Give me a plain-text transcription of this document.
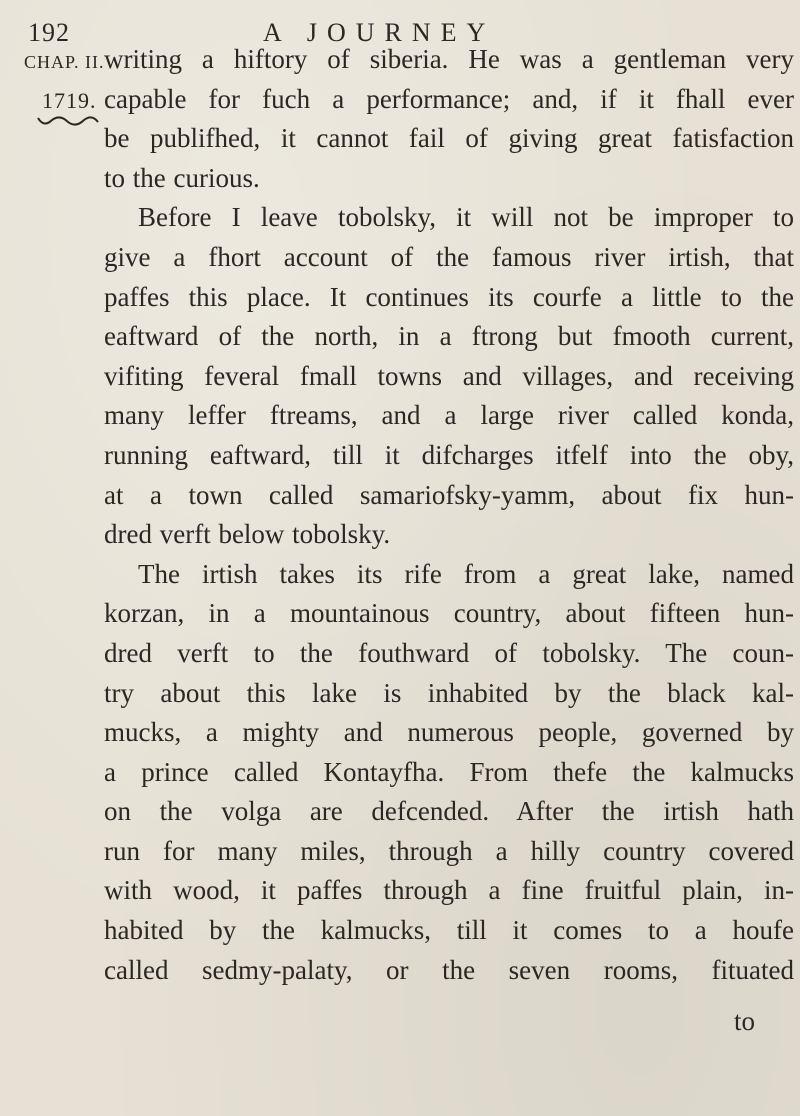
192	A JOURNEY
CHAP. II.
1719.
writing a hiftory of siberia. He was a gentleman very
capable for fuch a performance; and, if it fhall ever
be publifhed, it cannot fail of giving great fatisfaction
to the curious.
Before I leave tobolsky, it will not be improper to
give a fhort account of the famous river irtish, that
paffes this place. It continues its courfe a little to the
eaftward of the north, in a ftrong but fmooth current,
vifiting feveral fmall towns and villages, and receiving
many leffer ftreams, and a large river called konda,
running eaftward, till it difcharges itfelf into the oby,
at a town called samariofsky-yamm, about fix hun-
dred verft below tobolsky.
The irtish takes its rife from a great lake, named
korzan, in a mountainous country, about fifteen hun-
dred verft to the fouthward of tobolsky. The coun-
try about this lake is inhabited by the black kal-
mucks, a mighty and numerous people, governed by
a prince called Kontayfha. From thefe the kalmucks
on the volga are defcended. After the irtish hath
run for many miles, through a hilly country covered
with wood, it paffes through a fine fruitful plain, in-
habited by the kalmucks, till it comes to a houfe
called sedmy-palaty, or the seven rooms, fituated
to
